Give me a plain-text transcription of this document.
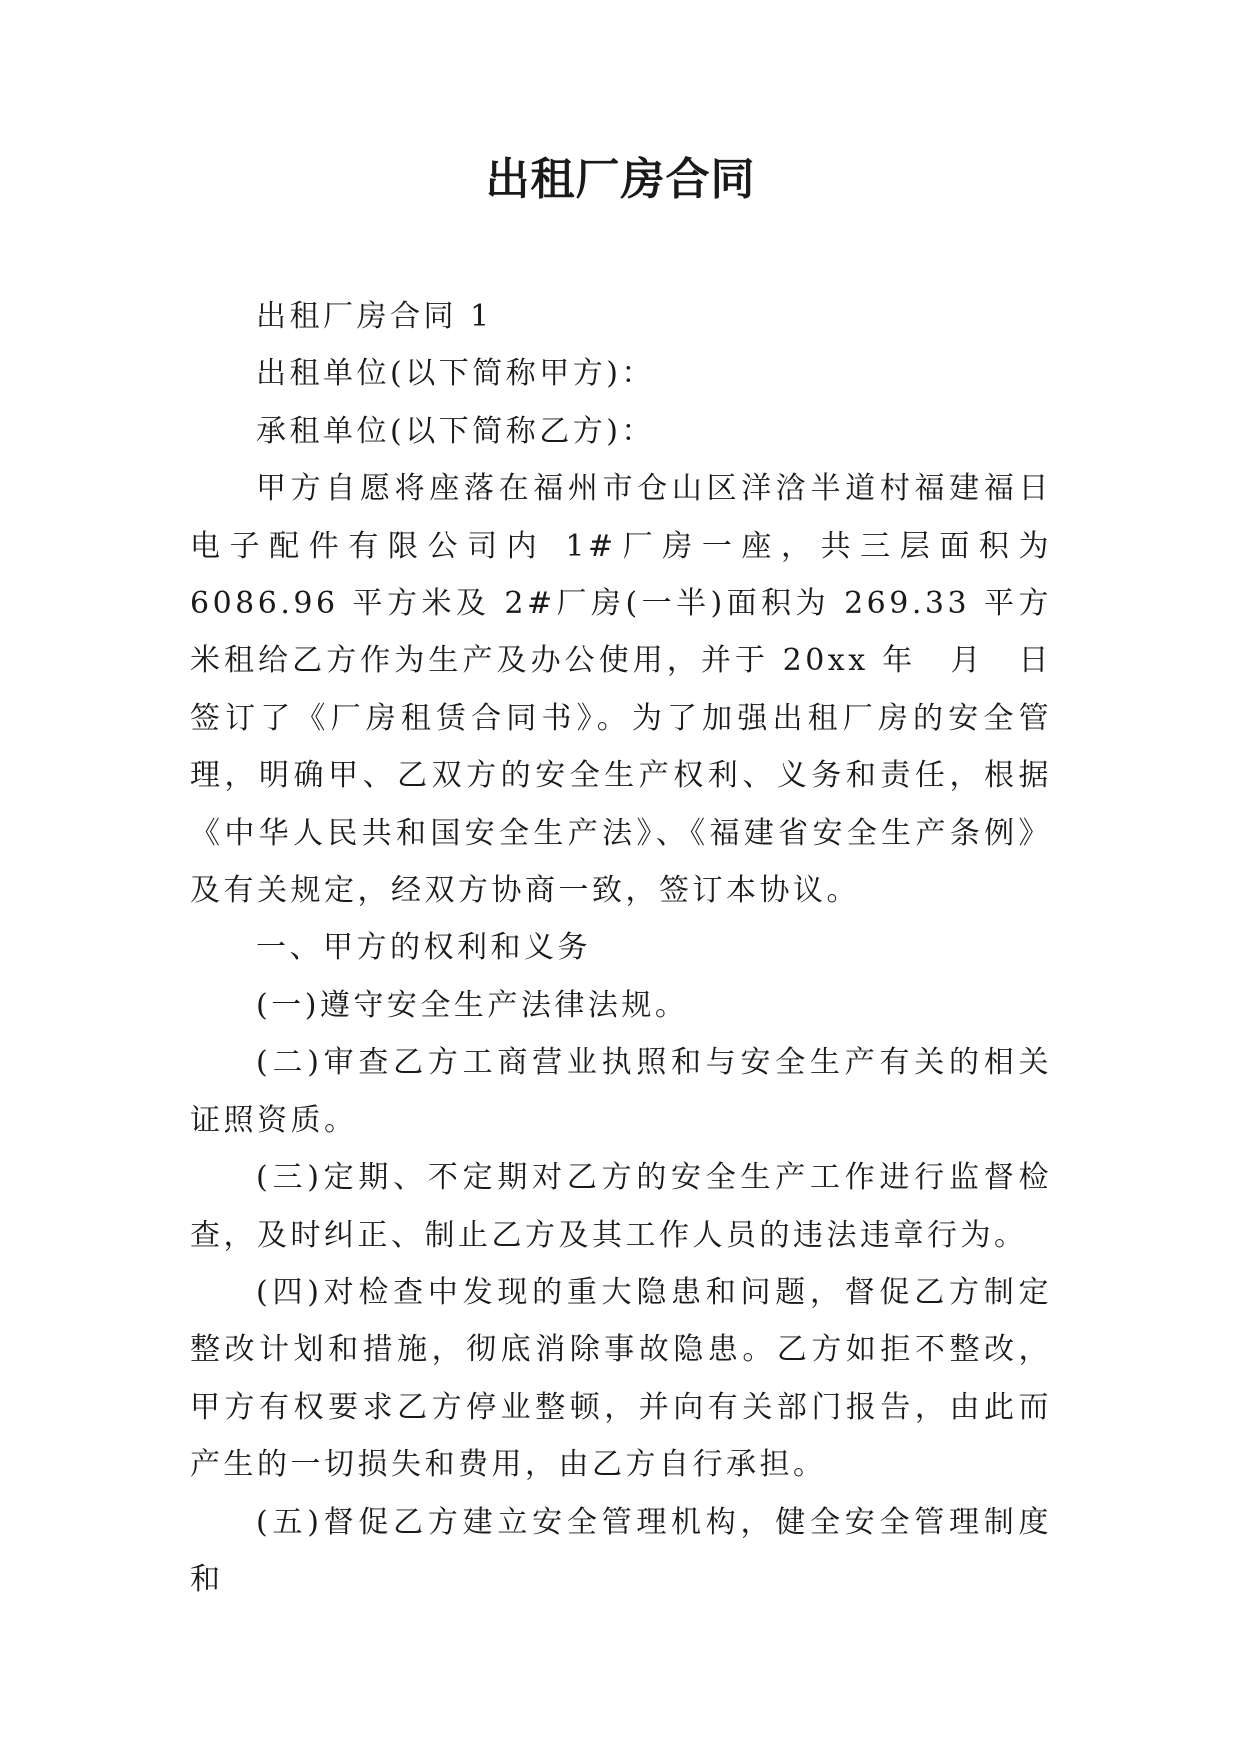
出租厂房合同

出租厂房合同 1

出租单位(以下简称甲方)：

承租单位(以下简称乙方)：

甲方自愿将座落在福州市仓山区洋浛半道村福建福日电子配件有限公司内 1#厂房一座，共三层面积为 6086.96 平方米及 2#厂房(一半)面积为 269.33 平方米租给乙方作为生产及办公使用，并于 20xx 年　月　日签订了《厂房租赁合同书》。为了加强出租厂房的安全管理，明确甲、乙双方的安全生产权利、义务和责任，根据《中华人民共和国安全生产法》、《福建省安全生产条例》及有关规定，经双方协商一致，签订本协议。

一、甲方的权利和义务

(一)遵守安全生产法律法规。

(二)审查乙方工商营业执照和与安全生产有关的相关证照资质。

(三)定期、不定期对乙方的安全生产工作进行监督检查，及时纠正、制止乙方及其工作人员的违法违章行为。

(四)对检查中发现的重大隐患和问题，督促乙方制定整改计划和措施，彻底消除事故隐患。乙方如拒不整改，甲方有权要求乙方停业整顿，并向有关部门报告，由此而产生的一切损失和费用，由乙方自行承担。

(五)督促乙方建立安全管理机构，健全安全管理制度和
